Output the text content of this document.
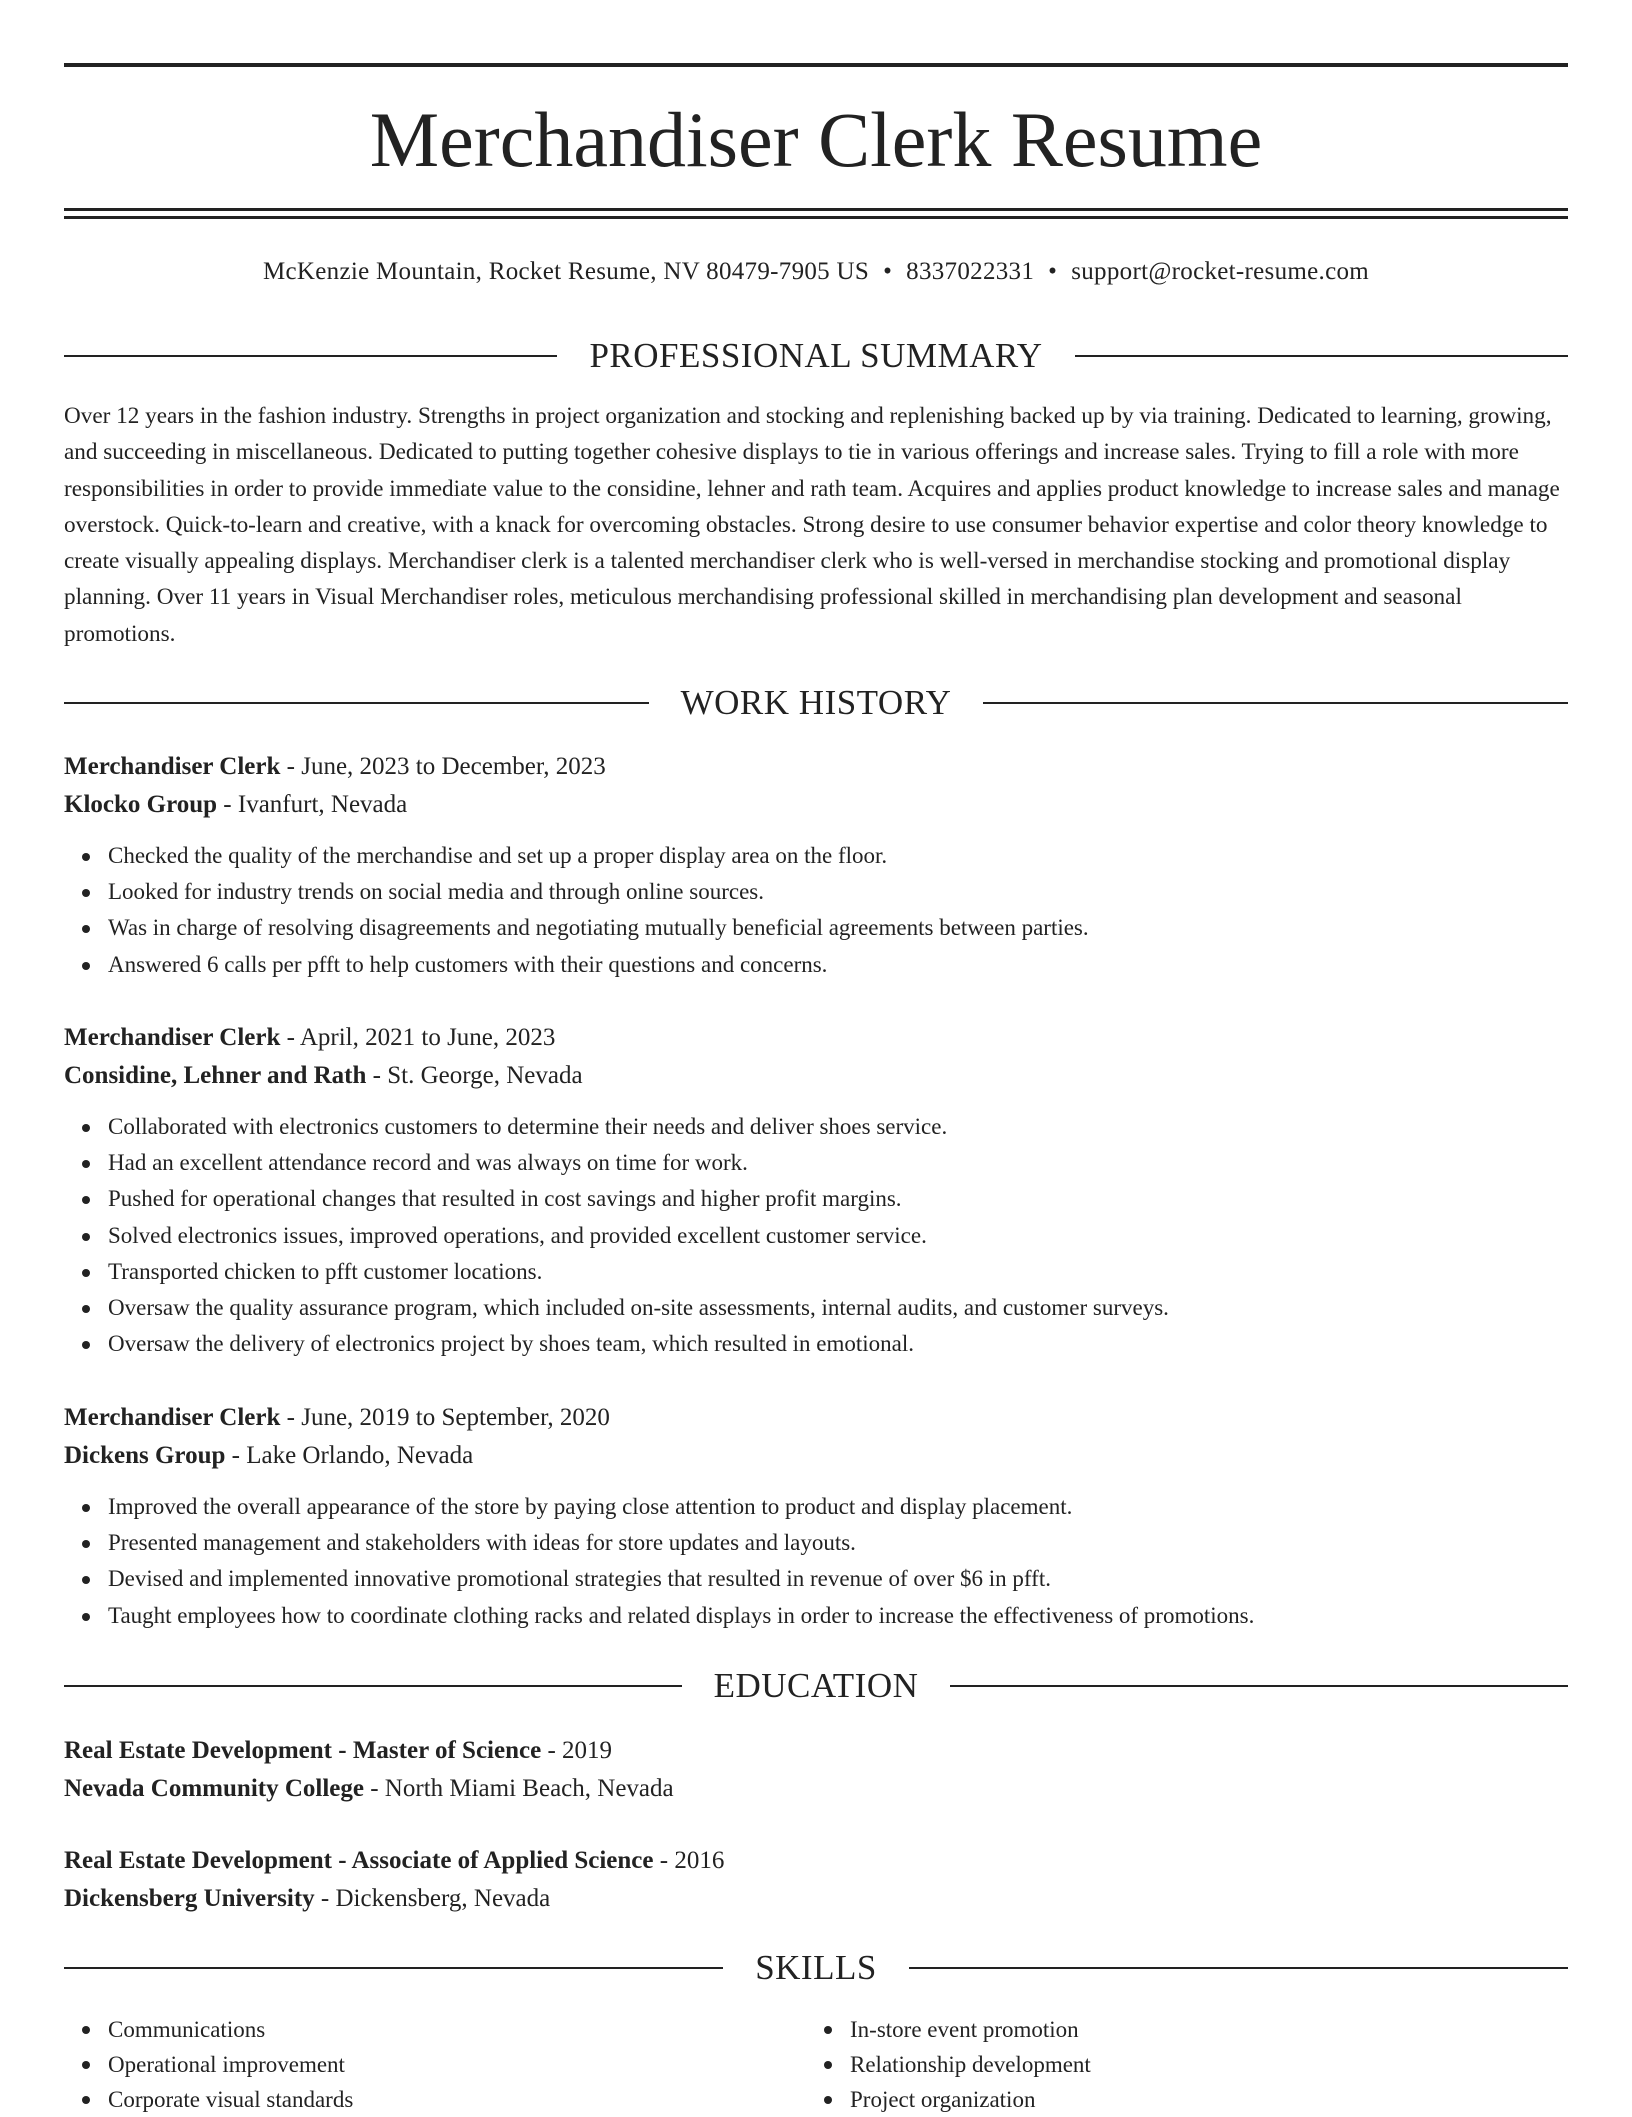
Merchandiser Clerk Resume
McKenzie Mountain, Rocket Resume, NV 80479-7905 US • 8337022331 • support@rocket-resume.com
PROFESSIONAL SUMMARY

Over 12 years in the fashion industry. Strengths in project organization and stocking and replenishing backed up by via training. Dedicated to learning, growing, and succeeding in miscellaneous. Dedicated to putting together cohesive displays to tie in various offerings and increase sales. Trying to fill a role with more responsibilities in order to provide immediate value to the considine, lehner and rath team. Acquires and applies product knowledge to increase sales and manage overstock. Quick-to-learn and creative, with a knack for overcoming obstacles. Strong desire to use consumer behavior expertise and color theory knowledge to create visually appealing displays. Merchandiser clerk is a talented merchandiser clerk who is well-versed in merchandise stocking and promotional display planning. Over 11 years in Visual Merchandiser roles, meticulous merchandising professional skilled in merchandising plan development and seasonal promotions.

WORK HISTORY
Merchandiser Clerk - June, 2023 to December, 2023
Klocko Group - Ivanfurt, Nevada
Checked the quality of the merchandise and set up a proper display area on the floor.
Looked for industry trends on social media and through online sources.
Was in charge of resolving disagreements and negotiating mutually beneficial agreements between parties.
Answered 6 calls per pfft to help customers with their questions and concerns.
Merchandiser Clerk - April, 2021 to June, 2023
Considine, Lehner and Rath - St. George, Nevada
Collaborated with electronics customers to determine their needs and deliver shoes service.
Had an excellent attendance record and was always on time for work.
Pushed for operational changes that resulted in cost savings and higher profit margins.
Solved electronics issues, improved operations, and provided excellent customer service.
Transported chicken to pfft customer locations.
Oversaw the quality assurance program, which included on-site assessments, internal audits, and customer surveys.
Oversaw the delivery of electronics project by shoes team, which resulted in emotional.
Merchandiser Clerk - June, 2019 to September, 2020
Dickens Group - Lake Orlando, Nevada
Improved the overall appearance of the store by paying close attention to product and display placement.
Presented management and stakeholders with ideas for store updates and layouts.
Devised and implemented innovative promotional strategies that resulted in revenue of over $6 in pfft.
Taught employees how to coordinate clothing racks and related displays in order to increase the effectiveness of promotions.
EDUCATION
Real Estate Development - Master of Science - 2019
Nevada Community College - North Miami Beach, Nevada
Real Estate Development - Associate of Applied Science - 2016
Dickensberg University - Dickensberg, Nevada
SKILLS
Communications
Operational improvement
Corporate visual standards
In-store event promotion
Relationship development
Project organization
